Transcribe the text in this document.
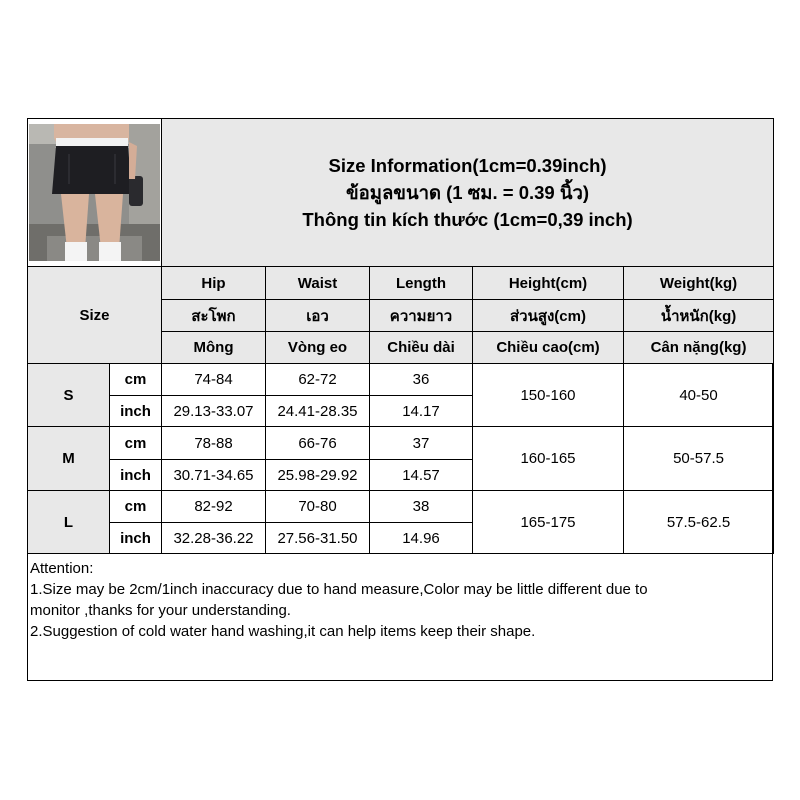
Size Information(1cm=0.39inch)
ข้อมูลขนาด (1 ซม. = 0.39 นิ้ว)
Thông tin kích thước (1cm=0,39 inch)				

Size		Hip	Waist	Length	Height(cm)	Weight(kg)
		สะโพก	เอว	ความยาว	ส่วนสูง(cm)	น้ำหนัก(kg)
		Mông	Vòng eo	Chiều dài	Chiều cao(cm)	Cân nặng(kg)
S	cm	74-84	62-72	36	150-160	40-50
	inch	29.13-33.07	24.41-28.35	14.17		
M	cm	78-88	66-76	37	160-165	50-57.5
	inch	30.71-34.65	25.98-29.92	14.57		
L	cm	82-92	70-80	38	165-175	57.5-62.5
	inch	32.28-36.22	27.56-31.50	14.96		
Attention:
1.Size may be 2cm/1inch inaccuracy due to hand measure,Color may be little different due to
monitor ,thanks for your understanding.
2.Suggestion of cold water hand washing,it can help items keep their shape.
